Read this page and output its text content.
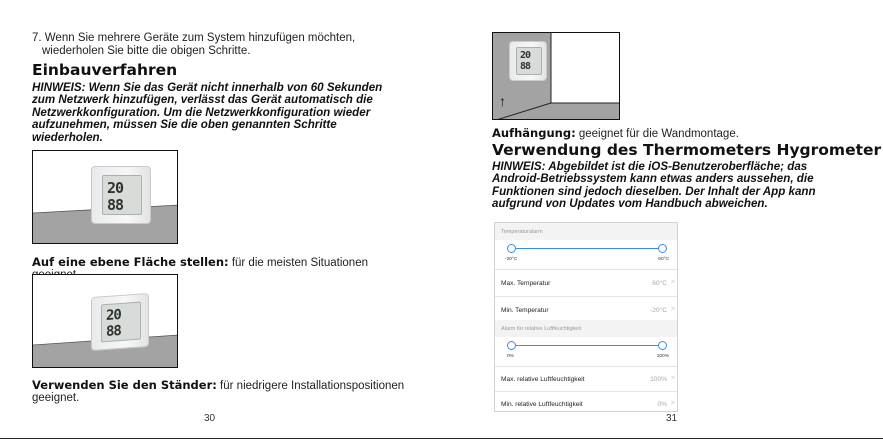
7. Wenn Sie mehrere Geräte zum System hinzufügen möchten,
wiederholen Sie bitte die obigen Schritte.
Einbauverfahren
HINWEIS: Wenn Sie das Gerät nicht innerhalb von 60 Sekunden
zum Netzwerk hinzufügen, verlässt das Gerät automatisch die
Netzwerkkonfiguration. Um die Netzwerkkonfiguration wieder
aufzunehmen, müssen Sie die oben genannten Schritte
wiederholen.
20
88
Auf eine ebene Fläche stellen: für die meisten Situationen
20
88
Verwenden Sie den Ständer: für niedrigere Installationspositionen
geeignet.
30
20
88
↑
Aufhängung: geeignet für die Wandmontage.
Verwendung des Thermometers Hygrometer
HINWEIS: Abgebildet ist die iOS-Benutzeroberfläche; das
Android-Betriebssystem kann etwas anders aussehen, die
Funktionen sind jedoch dieselben. Der Inhalt der App kann
aufgrund von Updates vom Handbuch abweichen.
Temperaturalarm
-20°C	60°C
Max. Temperatur	60°C >
Min. Temperatur	-20°C >
Alarm für relative Luftfeuchtigkeit
0%	100%
Max. relative Luftfeuchtigkeit	100% >
Min. relative Luftfeuchtigkeit	0% >
31
